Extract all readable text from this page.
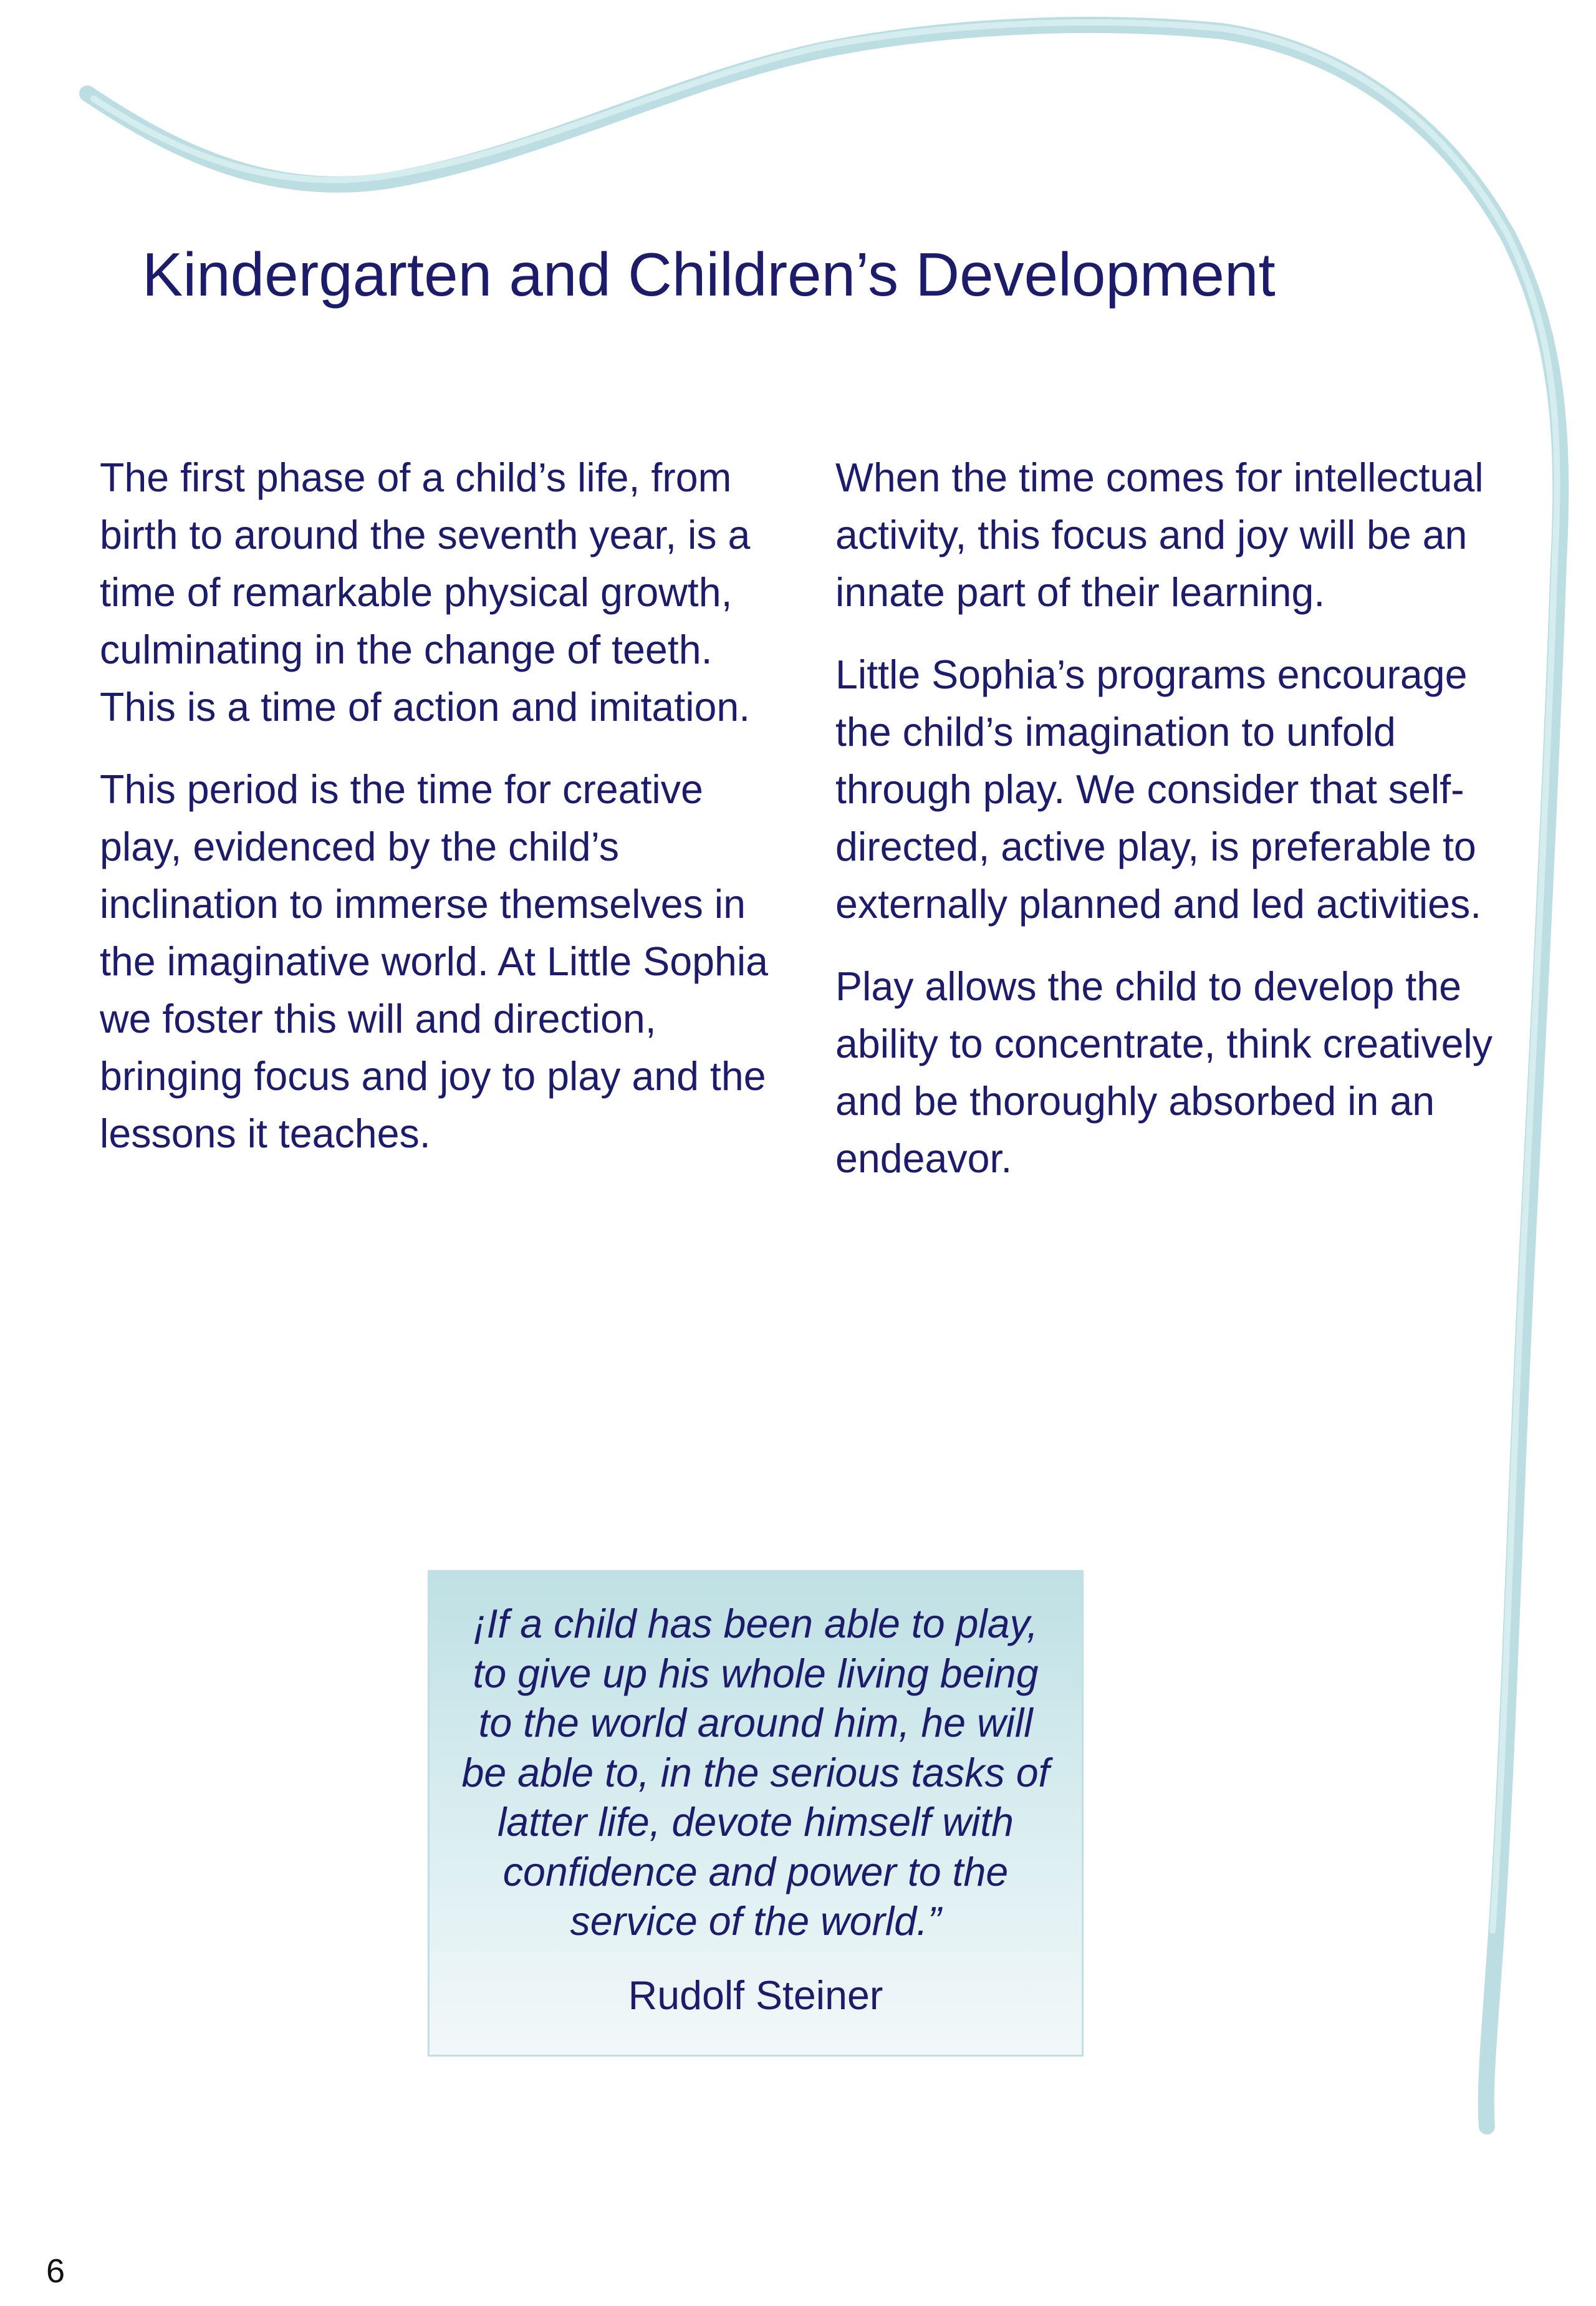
Kindergarten and Children’s Development

The first phase of a child’s life, from birth to around the seventh year, is a time of remarkable physical growth, culminating in the change of teeth. This is a time of action and imitation.

This period is the time for creative play, evidenced by the child’s inclination to immerse themselves in the imaginative world. At Little Sophia we foster this will and direction, bringing focus and joy to play and the lessons it teaches.

When the time comes for intellectual activity, this focus and joy will be an innate part of their learning.

Little Sophia’s programs encourage the child’s imagination to unfold through play. We consider that self-directed, active play, is preferable to externally planned and led activities.

Play allows the child to develop the ability to concentrate, think creatively and be thoroughly absorbed in an endeavor.

¡If a child has been able to play, to give up his whole living being to the world around him, he will be able to, in the serious tasks of latter life, devote himself with confidence and power to the service of the world.”

Rudolf Steiner
6
